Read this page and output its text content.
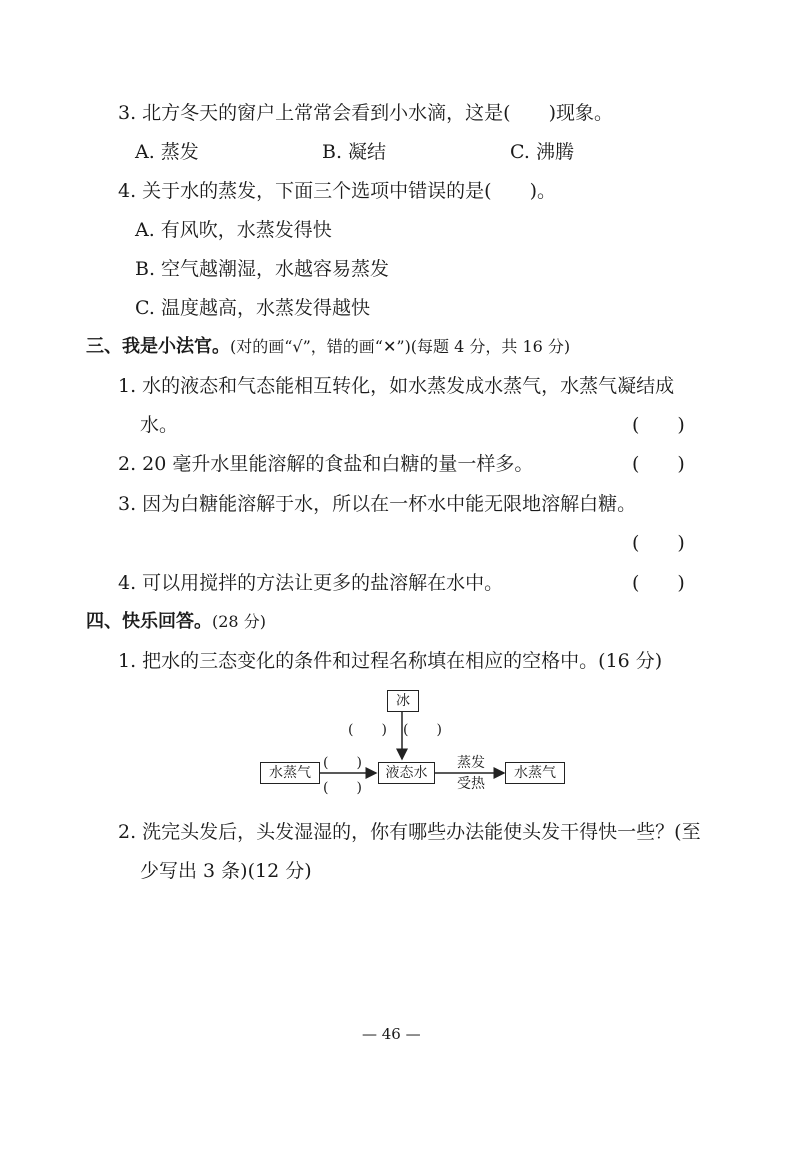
3. 北方冬天的窗户上常常会看到小水滴，这是(　　)现象。
A. 蒸发	B. 凝结	C. 沸腾
4. 关于水的蒸发，下面三个选项中错误的是(　　)。
A. 有风吹，水蒸发得快
B. 空气越潮湿，水越容易蒸发
C. 温度越高，水蒸发得越快
三、我是小法官。(对的画“√”，错的画“✕”)(每题 4 分，共 16 分)
1. 水的液态和气态能相互转化，如水蒸发成水蒸气，水蒸气凝结成
水。	(　　)
2. 20 毫升水里能溶解的食盐和白糖的量一样多。	(　　)
3. 因为白糖能溶解于水，所以在一杯水中能无限地溶解白糖。
(　　)
4. 可以用搅拌的方法让更多的盐溶解在水中。	(　　)
四、快乐回答。(28 分)
1. 把水的三态变化的条件和过程名称填在相应的空格中。(16 分)
冰
(　　) (　　)
水蒸气
(　　)
(　　)
液态水
蒸发
受热
水蒸气
2. 洗完头发后，头发湿湿的，你有哪些办法能使头发干得快一些？(至
少写出 3 条)(12 分)
— 46 —
